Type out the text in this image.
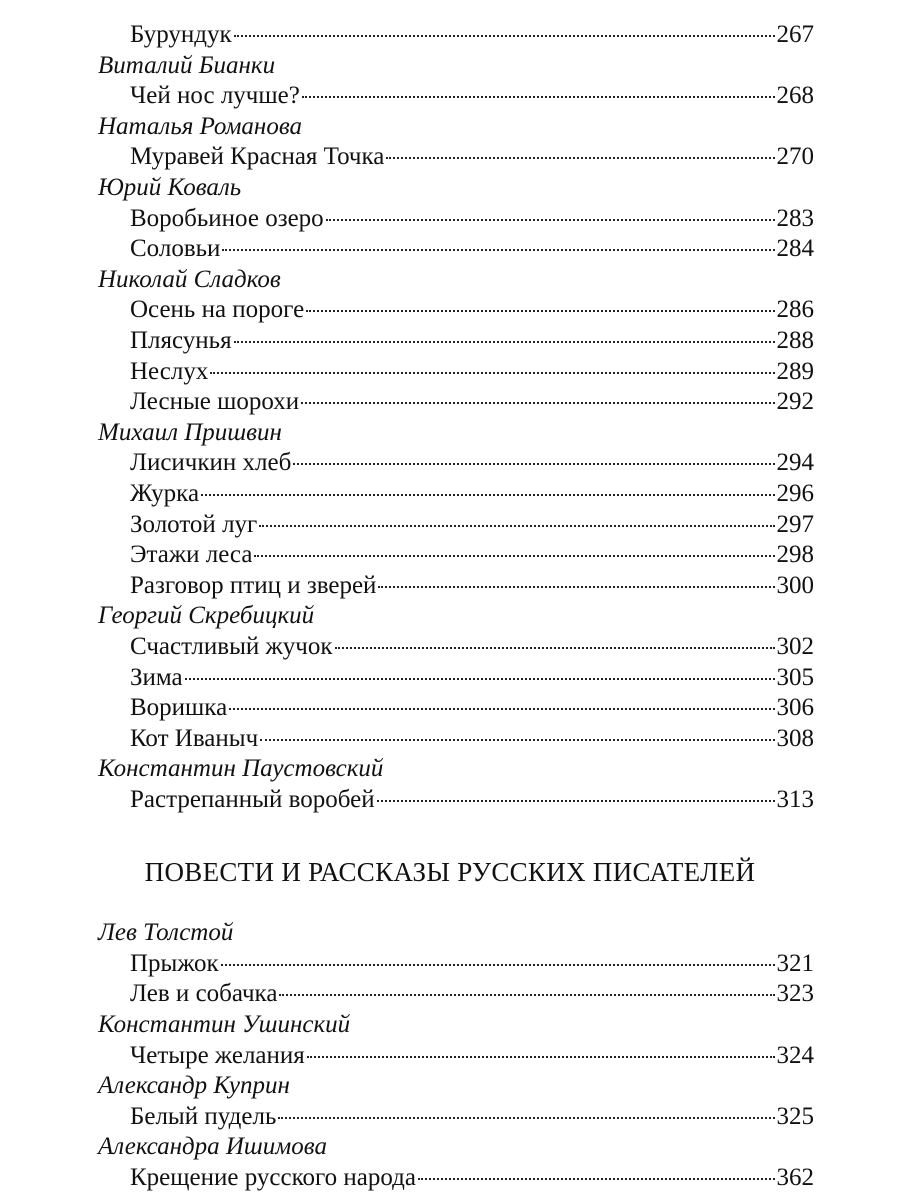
Бурундук	267
Виталий Бианки
Чей нос лучше?	268
Наталья Романова
Муравей Красная Точка	270
Юрий Коваль
Воробьиное озеро	283
Соловьи	284
Николай Сладков
Осень на пороге	286
Плясунья	288
Неслух	289
Лесные шорохи	292
Михаил Пришвин
Лисичкин хлеб	294
Журка	296
Золотой луг	297
Этажи леса	298
Разговор птиц и зверей	300
Георгий Скребицкий
Счастливый жучок	302
Зима	305
Воришка	306
Кот Иваныч	308
Константин Паустовский
Растрепанный воробей	313
ПОВЕСТИ И РАССКАЗЫ РУССКИХ ПИСАТЕЛЕЙ
Лев Толстой
Прыжок	321
Лев и собачка	323
Константин Ушинский
Четыре желания	324
Александр Куприн
Белый пудель	325
Александра Ишимова
Крещение русского народа	362
